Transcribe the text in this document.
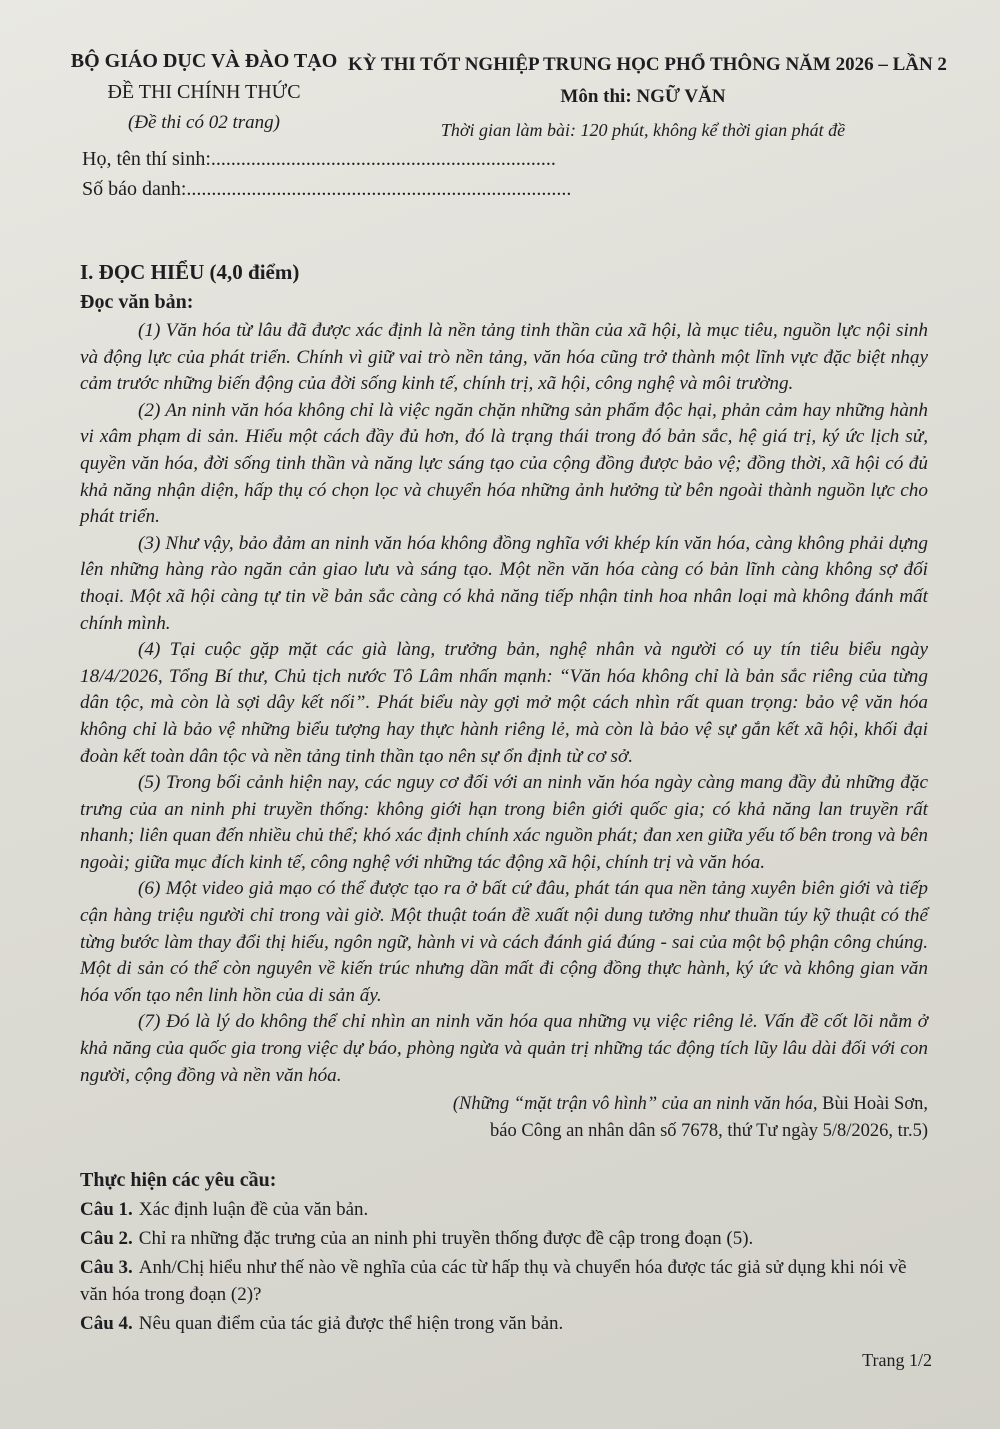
BỘ GIÁO DỤC VÀ ĐÀO TẠO

ĐỀ THI CHÍNH THỨC

(Đề thi có 02 trang)

KỲ THI TỐT NGHIỆP TRUNG HỌC PHỔ THÔNG NĂM 2026 – LẦN 2

Môn thi: NGỮ VĂN

Thời gian làm bài: 120 phút, không kể thời gian phát đề

Họ, tên thí sinh:.....................................................................

Số báo danh:.............................................................................

I. ĐỌC HIỂU (4,0 điểm)

Đọc văn bản:

(1) Văn hóa từ lâu đã được xác định là nền tảng tinh thần của xã hội, là mục tiêu, nguồn lực nội sinh và động lực của phát triển. Chính vì giữ vai trò nền tảng, văn hóa cũng trở thành một lĩnh vực đặc biệt nhạy cảm trước những biến động của đời sống kinh tế, chính trị, xã hội, công nghệ và môi trường.

(2) An ninh văn hóa không chỉ là việc ngăn chặn những sản phẩm độc hại, phản cảm hay những hành vi xâm phạm di sản. Hiểu một cách đầy đủ hơn, đó là trạng thái trong đó bản sắc, hệ giá trị, ký ức lịch sử, quyền văn hóa, đời sống tinh thần và năng lực sáng tạo của cộng đồng được bảo vệ; đồng thời, xã hội có đủ khả năng nhận diện, hấp thụ có chọn lọc và chuyển hóa những ảnh hưởng từ bên ngoài thành nguồn lực cho phát triển.

(3) Như vậy, bảo đảm an ninh văn hóa không đồng nghĩa với khép kín văn hóa, càng không phải dựng lên những hàng rào ngăn cản giao lưu và sáng tạo. Một nền văn hóa càng có bản lĩnh càng không sợ đối thoại. Một xã hội càng tự tin về bản sắc càng có khả năng tiếp nhận tinh hoa nhân loại mà không đánh mất chính mình.

(4) Tại cuộc gặp mặt các già làng, trưởng bản, nghệ nhân và người có uy tín tiêu biểu ngày 18/4/2026, Tổng Bí thư, Chủ tịch nước Tô Lâm nhấn mạnh: “Văn hóa không chỉ là bản sắc riêng của từng dân tộc, mà còn là sợi dây kết nối”. Phát biểu này gợi mở một cách nhìn rất quan trọng: bảo vệ văn hóa không chỉ là bảo vệ những biểu tượng hay thực hành riêng lẻ, mà còn là bảo vệ sự gắn kết xã hội, khối đại đoàn kết toàn dân tộc và nền tảng tinh thần tạo nên sự ổn định từ cơ sở.

(5) Trong bối cảnh hiện nay, các nguy cơ đối với an ninh văn hóa ngày càng mang đầy đủ những đặc trưng của an ninh phi truyền thống: không giới hạn trong biên giới quốc gia; có khả năng lan truyền rất nhanh; liên quan đến nhiều chủ thể; khó xác định chính xác nguồn phát; đan xen giữa yếu tố bên trong và bên ngoài; giữa mục đích kinh tế, công nghệ với những tác động xã hội, chính trị và văn hóa.

(6) Một video giả mạo có thể được tạo ra ở bất cứ đâu, phát tán qua nền tảng xuyên biên giới và tiếp cận hàng triệu người chỉ trong vài giờ. Một thuật toán đề xuất nội dung tưởng như thuần túy kỹ thuật có thể từng bước làm thay đổi thị hiếu, ngôn ngữ, hành vi và cách đánh giá đúng - sai của một bộ phận công chúng. Một di sản có thể còn nguyên về kiến trúc nhưng dần mất đi cộng đồng thực hành, ký ức và không gian văn hóa vốn tạo nên linh hồn của di sản ấy.

(7) Đó là lý do không thể chỉ nhìn an ninh văn hóa qua những vụ việc riêng lẻ. Vấn đề cốt lõi nằm ở khả năng của quốc gia trong việc dự báo, phòng ngừa và quản trị những tác động tích lũy lâu dài đối với con người, cộng đồng và nền văn hóa.

(Những “mặt trận vô hình” của an ninh văn hóa, Bùi Hoài Sơn,
báo Công an nhân dân số 7678, thứ Tư ngày 5/8/2026, tr.5)

Thực hiện các yêu cầu:

Câu 1. Xác định luận đề của văn bản.

Câu 2. Chỉ ra những đặc trưng của an ninh phi truyền thống được đề cập trong đoạn (5).

Câu 3. Anh/Chị hiểu như thế nào về nghĩa của các từ hấp thụ và chuyển hóa được tác giả sử dụng khi nói về văn hóa trong đoạn (2)?

Câu 4. Nêu quan điểm của tác giả được thể hiện trong văn bản.

Trang 1/2
